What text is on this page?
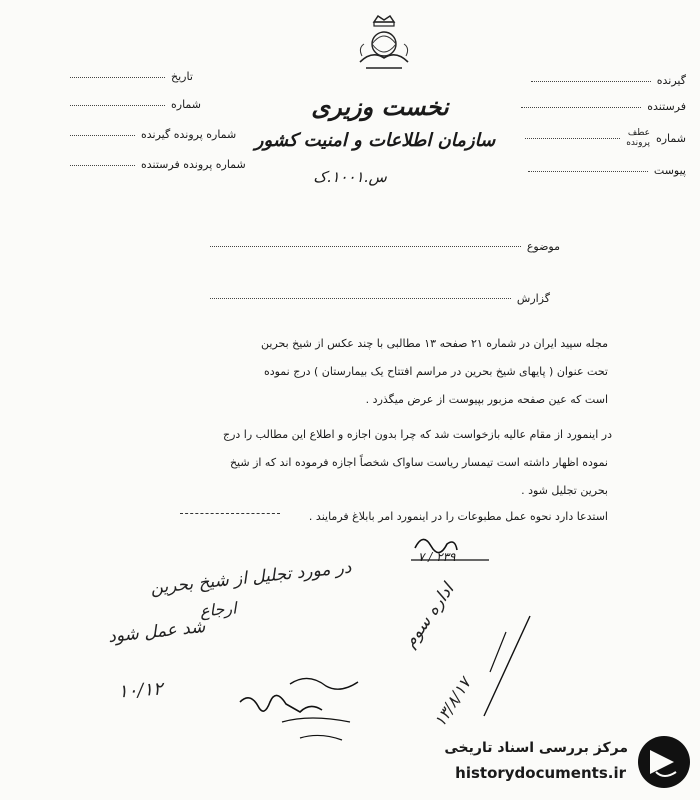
گیرنده
فرستنده
شماره
عطف
پرونده
پیوست
تاریخ
شماره
شماره پرونده گیرنده
شماره پرونده فرستنده
نخست وزیری
سازمان اطلاعات و امنیت کشور
س.۱۰۰۱.ک
موضوع
گزارش
مجله سپید ایران در شماره ۲۱ صفحه ۱۳ مطالبی با چند عکس از شیخ بحرین
تحت عنوان ( پایهای شیخ بحرین در مراسم افتتاح یک بیمارستان ) درج نموده
است که عین صفحه مزبور بپیوست از عرض میگذرد .
در اینمورد از مقام عالیه بازخواست شد که چرا بدون اجازه و اطلاع این مطالب را درج
نموده اظهار داشته است تیمسار ریاست ساواک شخصاً اجازه فرموده اند که از شیخ
بحرین تجلیل شود .
استدعا دارد نحوه عمل مطبوعات را در اینمورد امر بابلاغ فرمایند .
۲۳۹ / ۷
در مورد تجلیل از شیخ بحرین
ارجاع
شد عمل شود
۱۰/۱۲
اداره سوم
۱۳/۸/۱۷
مرکز بررسی اسناد تاریخی
historydocuments.ir
